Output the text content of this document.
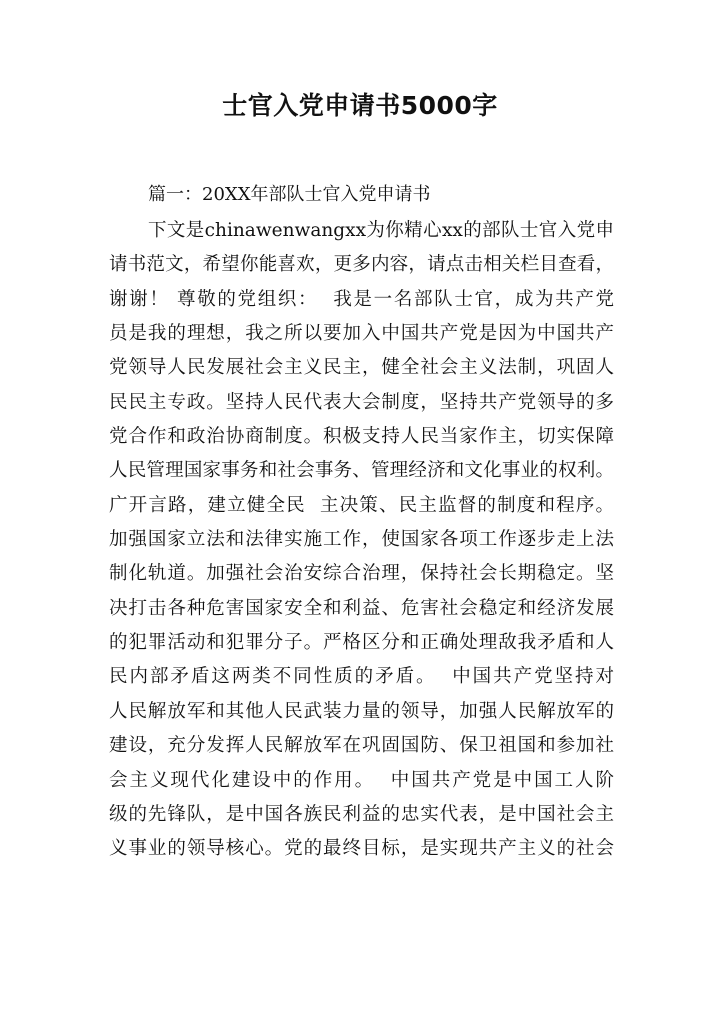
士官入党申请书5000字

篇一：20XX年部队士官入党申请书

下文是chinawenwangxx为你精心xx的部队士官入党申
请书范文，希望你能喜欢，更多内容，请点击相关栏目查看，
谢谢！ 尊敬的党组织：  我是一名部队士官，成为共产党
员是我的理想，我之所以要加入中国共产党是因为中国共产
党领导人民发展社会主义民主，健全社会主义法制，巩固人
民民主专政。坚持人民代表大会制度，坚持共产党领导的多
党合作和政治协商制度。积极支持人民当家作主，切实保障
人民管理国家事务和社会事务、管理经济和文化事业的权利。
广开言路，建立健全民  主决策、民主监督的制度和程序。
加强国家立法和法律实施工作，使国家各项工作逐步走上法
制化轨道。加强社会治安综合治理，保持社会长期稳定。坚
决打击各种危害国家安全和利益、危害社会稳定和经济发展
的犯罪活动和犯罪分子。严格区分和正确处理敌我矛盾和人
民内部矛盾这两类不同性质的矛盾。  中国共产党坚持对
人民解放军和其他人民武装力量的领导，加强人民解放军的
建设，充分发挥人民解放军在巩固国防、保卫祖国和参加社
会主义现代化建设中的作用。  中国共产党是中国工人阶
级的先锋队，是中国各族民利益的忠实代表，是中国社会主
义事业的领导核心。党的最终目标，是实现共产主义的社会
